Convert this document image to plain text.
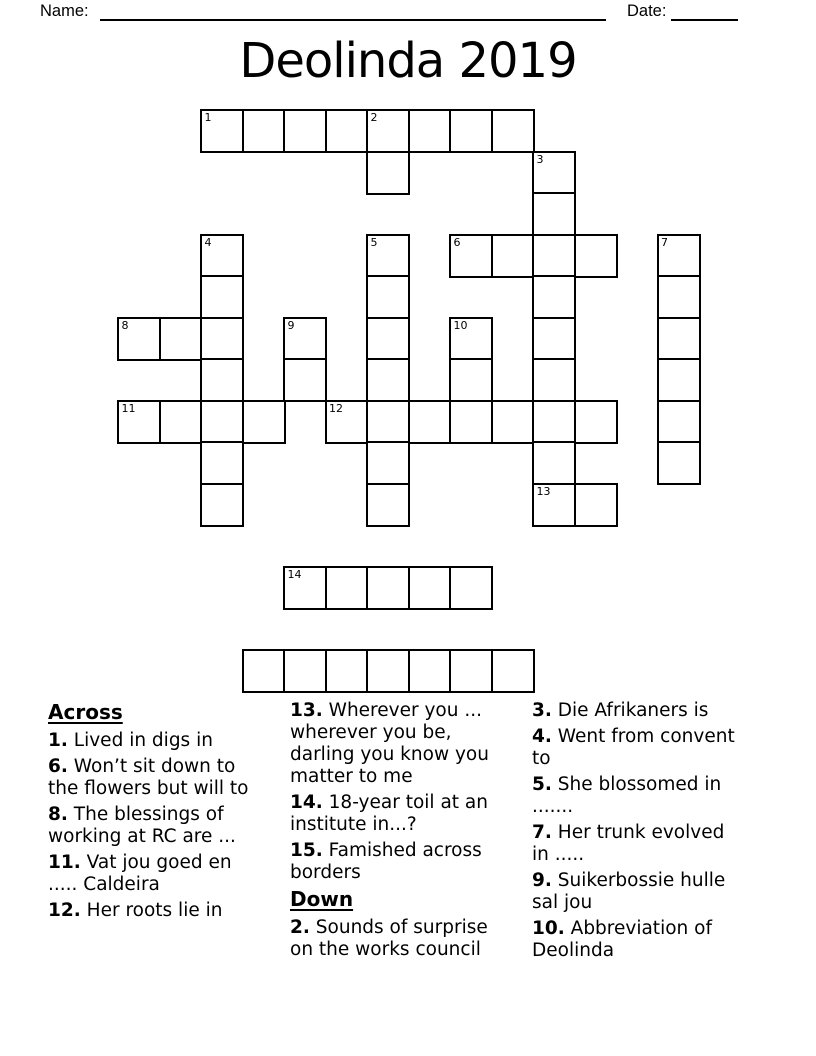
Name:	Date:
Deolinda 2019
1	2
3
4	5	6	7
8	9	10
11	12
13
14
Across
1. Lived in digs in
6. Won’t sit down to the flowers but will to
8. The blessings of working at RC are ...
11. Vat jou goed en ..... Caldeira
12. Her roots lie in
13. Wherever you ... wherever you be, darling you know you matter to me
14. 18-year toil at an institute in...?
15. Famished across borders
Down
2. Sounds of surprise on the works council
3. Die Afrikaners is
4. Went from convent to
5. She blossomed in .......
7. Her trunk evolved in .....
9. Suikerbossie hulle sal jou
10. Abbreviation of Deolinda
